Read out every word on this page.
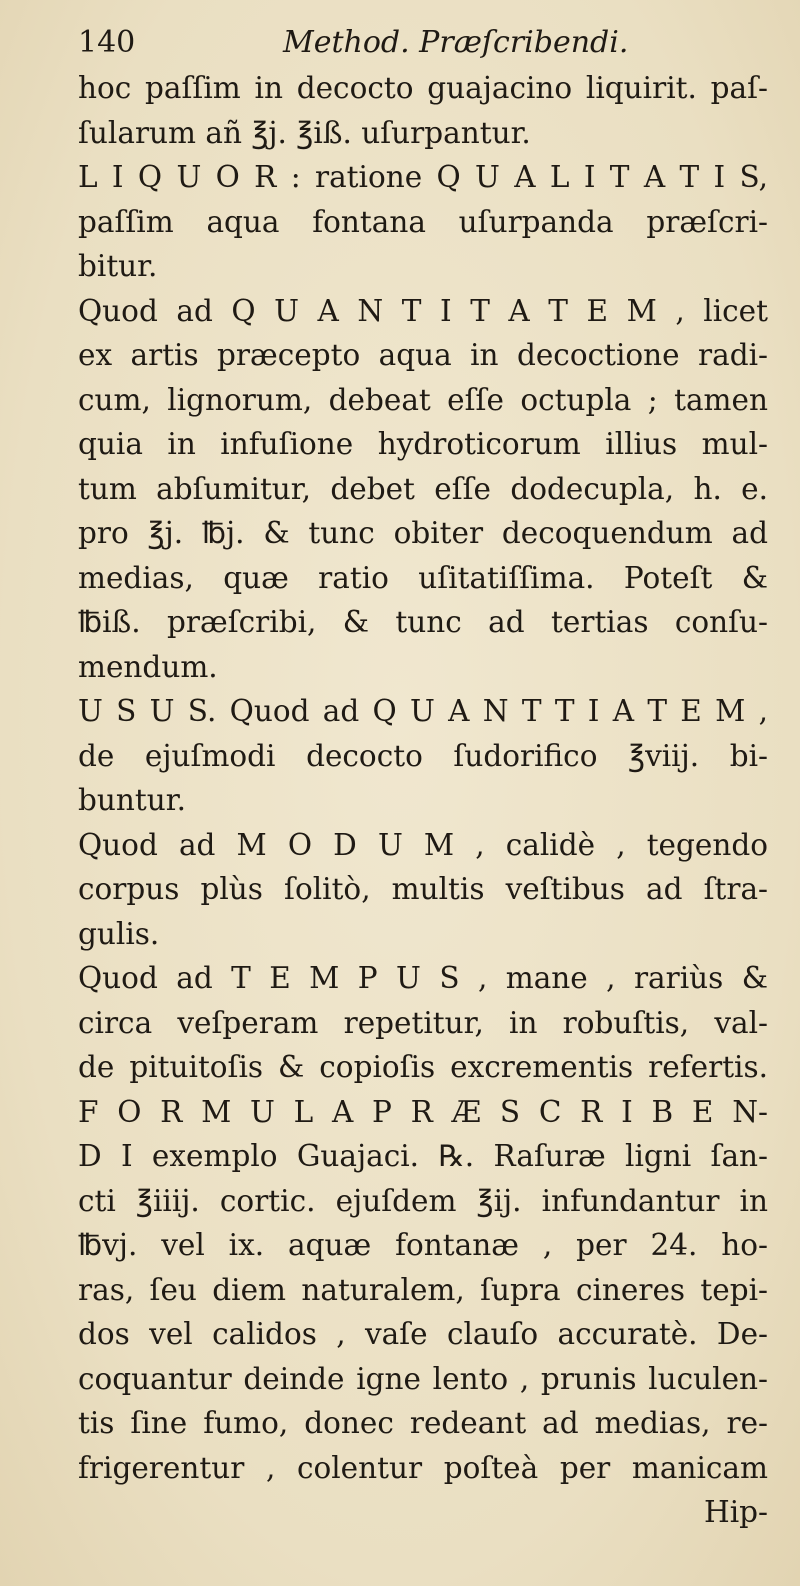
140	Method. Præſcribendi.
hoc paſſim in decocto guajacino liquirit. paſ-
ſularum añ ℥j. ℥iß. uſurpantur.
L I Q U O R : ratione Q U A L I T A T I S,
paſſim aqua fontana uſurpanda præſcri-
bitur.
Quod ad Q U A N T I T A T E M , licet
ex artis præcepto aqua in decoctione radi-
cum, lignorum, debeat eſſe octupla ; tamen
quia in infuſione hydroticorum illius mul-
tum abſumitur, debet eſſe dodecupla, h. e.
pro ℥j. ℔j. & tunc obiter decoquendum ad
medias, quæ ratio uſitatiſſima. Poteſt &
℔iß. præſcribi, & tunc ad tertias conſu-
mendum.
U S U S. Quod ad Q U A N T T I A T E M ,
de ejuſmodi decocto ſudorifico ℥viij. bi-
buntur.
Quod ad M O D U M , calidè , tegendo
corpus plùs ſolitò, multis veſtibus ad ſtra-
gulis.
Quod ad T E M P U S , mane , rariùs &
circa veſperam repetitur, in robuſtis, val-
de pituitoſis & copioſis excrementis refertis.
F O R M U L A P R Æ S C R I B E N-
D I exemplo Guajaci. ℞. Raſuræ ligni ſan-
cti ℥iiij. cortic. ejuſdem ℥ij. infundantur in
℔vj. vel ix. aquæ fontanæ , per 24. ho-
ras, ſeu diem naturalem, ſupra cineres tepi-
dos vel calidos , vaſe clauſo accuratè. De-
coquantur deinde igne lento , prunis luculen-
tis ſine fumo, donec redeant ad medias, re-
frigerentur , colentur poſteà per manicam
Hip-
